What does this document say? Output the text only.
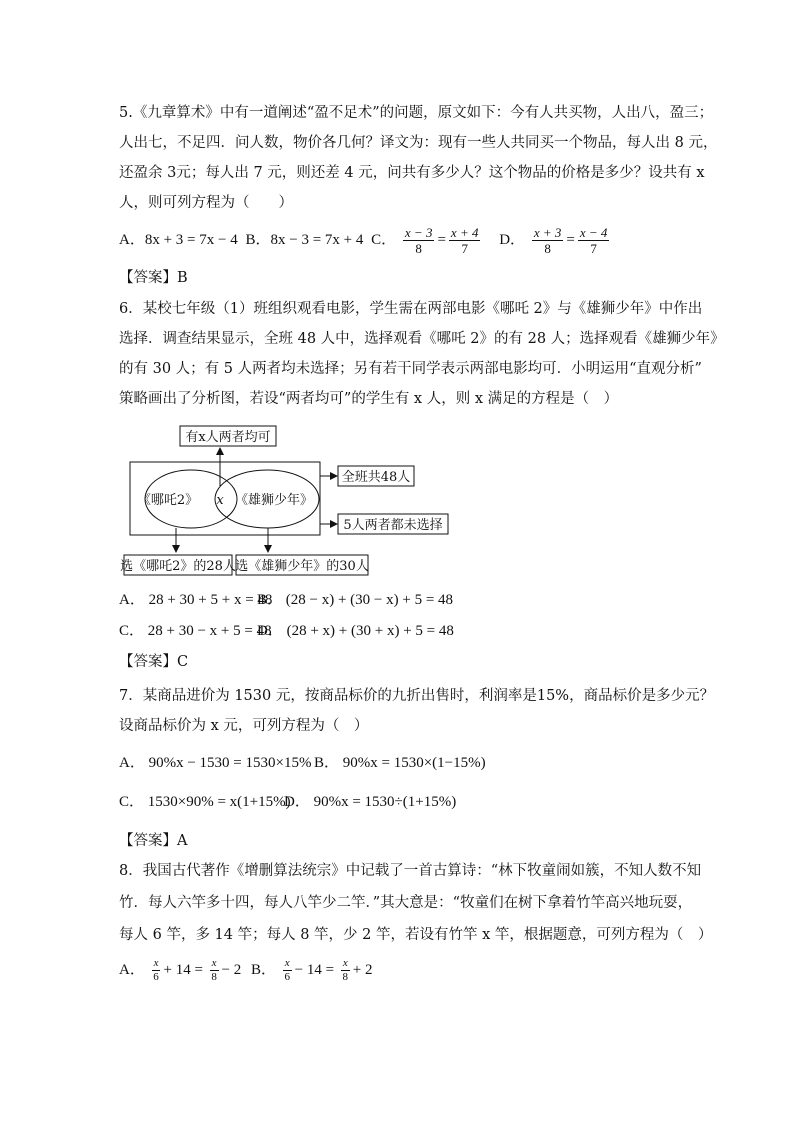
5.《九章算术》中有一道阐述“盈不足术”的问题，原文如下：今有人共买物，人出八，盈三；
人出七，不足四．问人数，物价各几何？译文为：现有一些人共同买一个物品，每人出 8 元，
还盈余 3元；每人出 7 元，则还差 4 元，问共有多少人？这个物品的价格是多少？设共有 x
人，则可列方程为（　　）
A．8x + 3 = 7x − 4 B．8x − 3 = 7x + 4 C． $\frac{x - 3}{8} = \frac{x + 4}{7}$ D． $\frac{x + 3}{8} = \frac{x - 4}{7}$
【答案】B
6．某校七年级（1）班组织观看电影，学生需在两部电影《哪吒 2》与《雄狮少年》中作出
选择．调查结果显示，全班 48 人中，选择观看《哪吒 2》的有 28 人；选择观看《雄狮少年》
的有 30 人；有 5 人两者均未选择；另有若干同学表示两部电影均可．小明运用“直观分析”
策略画出了分析图，若设“两者均可”的学生有 x 人，则 x 满足的方程是（　）
有x人两者均可
《哪吒2》 x 《雄狮少年》
全班共48人
5人两者都未选择
选《哪吒2》的28人 选《雄狮少年》的30人
A． 28 + 30 + 5 + x = 48B． (28 − x) + (30 − x) + 5 = 48
C． 28 + 30 − x + 5 = 48D． (28 + x) + (30 + x) + 5 = 48
【答案】C
7．某商品进价为 1530 元，按商品标价的九折出售时，利润率是15%，商品标价是多少元？
设商品标价为 x 元，可列方程为（　）
A． 90%x − 1530 = 1530×15% B． 90%x = 1530×(1−15%)
C． 1530×90% = x(1+15%)D． 90%x = 1530÷(1+15%)
【答案】A
8．我国古代著作《增删算法统宗》中记载了一首古算诗：“林下牧童闹如簇，不知人数不知
竹．每人六竿多十四，每人八竿少二竿．”其大意是：“牧童们在树下拿着竹竿高兴地玩耍，
每人 6 竿，多 14 竿；每人 8 竿，少 2 竿，若设有竹竿 x 竿，根据题意，可列方程为（　）
A． $\frac{x}{6} + 14 = \frac{x}{8} - 2$ B． $\frac{x}{6} - 14 = \frac{x}{8} + 2$
